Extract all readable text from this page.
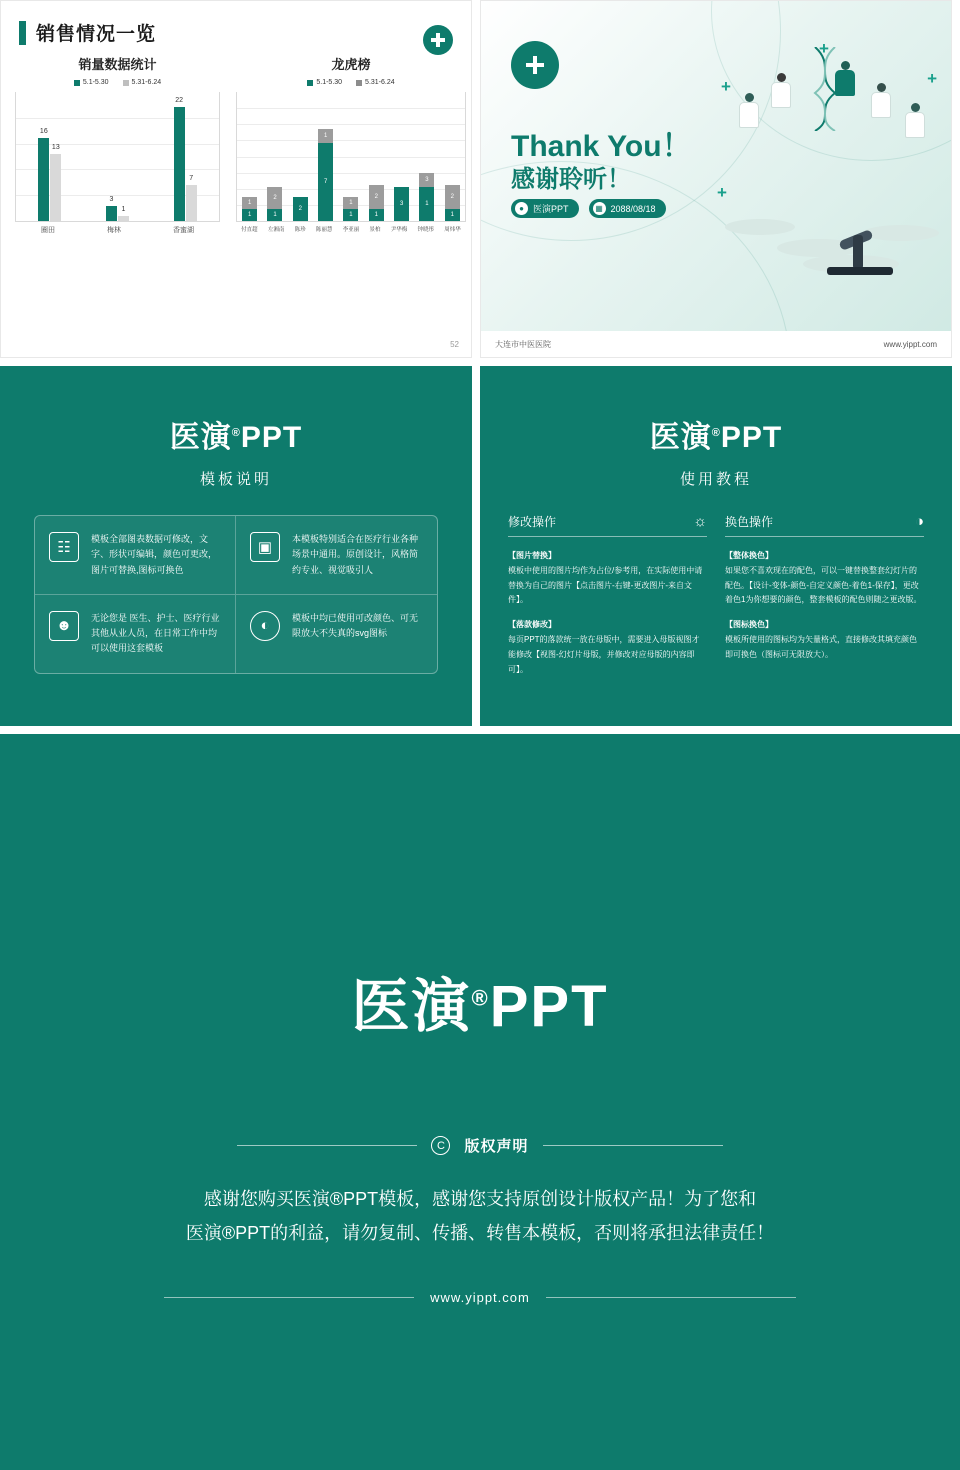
销售情况一览
销量数据统计
5.1-5.30	5.31-6.24
16
13
3
1
22
7
圈田	梅林	香蜜湖
龙虎榜
5.1-5.30	5.31-6.24
1
1
2
1
2
1
7
1
1
2
1
3
3
1
2
1
付直超 左湘南 陈珍 陈丽慧 李亚丽 景柏 尹华梅 钟晓彤 周炜华
52
Thank You！
感谢聆听！
●	医演PPT	▦ 2088/08/18
+
+
+
+
大连市中医医院	www.yippt.com
医演®PPT
模板说明
☷	模板全部图表数据可修改，文字、形状可编辑，颜色可更改，图片可替换,图标可换色
▣	本模板特别适合在医疗行业各种场景中通用。原创设计，风格简约专业、视觉吸引人
☻	无论您是 医生、护士、医疗行业其他从业人员，在日常工作中均可以使用这套模板
◐	模板中均已使用可改颜色、可无限放大不失真的svg图标
医演®PPT
使用教程
修改操作	☼
【图片替换】
模板中使用的图片均作为占位/参考用，在实际使用中请替换为自己的图片【点击图片-右键-更改图片-来自文件】。
【落款修改】
每页PPT的落款统一放在母版中，需要进入母版视图才能修改【视图-幻灯片母版，并修改对应母版的内容即可】。
换色操作	◑
【整体换色】
如果您不喜欢现在的配色，可以一键替换整套幻灯片的配色。【设计-变体-颜色-自定义颜色-着色1-保存】，更改着色1为你想要的颜色，整套模板的配色则随之更改版。
【图标换色】
模板所使用的图标均为矢量格式，直接修改其填充颜色即可换色（图标可无限放大）。
医演®PPT
C	版权声明
感谢您购买医演®PPT模板，感谢您支持原创设计版权产品！为了您和
医演®PPT的利益，请勿复制、传播、转售本模板，否则将承担法律责任！
www.yippt.com
